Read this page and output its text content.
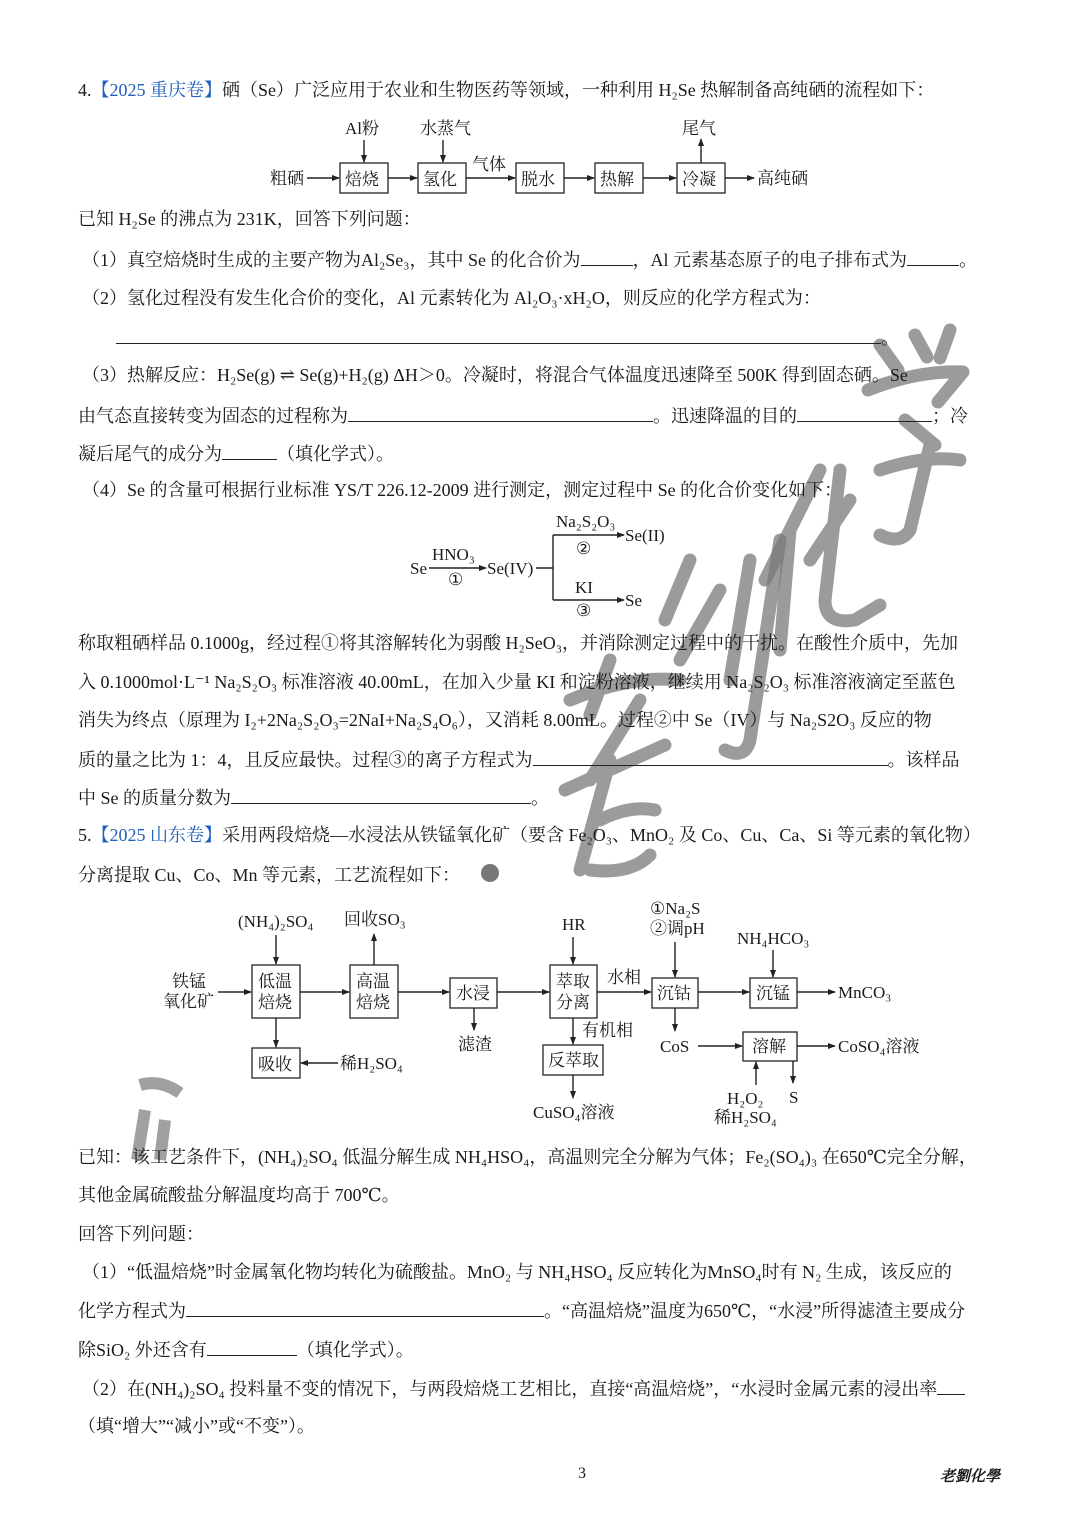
4.【2025 重庆卷】硒（Se）广泛应用于农业和生物医药等领域，一种利用 H₂Se 热解制备高纯硒的流程如下：
已知 H₂Se 的沸点为 231K，回答下列问题：
（1）真空焙烧时生成的主要产物为Al₂Se₃，其中 Se 的化合价为	，Al 元素基态原子的电子排布式为	。
（2）氢化过程没有发生化合价的变化，Al 元素转化为 Al₂O₃·xH₂O，则反应的化学方程式为：
。
（3）热解反应：H₂Se(g) ⇌ Se(g)+H₂(g) ΔH＞0。冷凝时，将混合气体温度迅速降至 500K 得到固态硒。Se
由气态直接转变为固态的过程称为	。迅速降温的目的	；冷
凝后尾气的成分为	（填化学式）。
（4）Se 的含量可根据行业标准 YS/T 226.12-2009 进行测定，测定过程中 Se 的化合价变化如下：
称取粗硒样品 0.1000g，经过程①将其溶解转化为弱酸 H₂SeO₃，并消除测定过程中的干扰。在酸性介质中，先加
入 0.1000mol·L⁻¹ Na₂S₂O₃ 标准溶液 40.00mL，在加入少量 KI 和淀粉溶液，继续用 Na₂S₂O₃ 标准溶液滴定至蓝色
消失为终点（原理为 I₂+2Na₂S₂O₃=2NaI+Na₂S₄O₆），又消耗 8.00mL。过程②中 Se（IV）与 Na₂S2O₃ 反应的物
质的量之比为 1：4，且反应最快。过程③的离子方程式为	。该样品
中 Se 的质量分数为	。
5.【2025 山东卷】采用两段焙烧—水浸法从铁锰氧化矿（要含 Fe₂O₃、MnO₂ 及 Co、Cu、Ca、Si 等元素的氧化物）
分离提取 Cu、Co、Mn 等元素，工艺流程如下：
已知：该工艺条件下，(NH₄)₂SO₄ 低温分解生成 NH₄HSO₄，高温则完全分解为气体；Fe₂(SO₄)₃ 在650℃完全分解，
其他金属硫酸盐分解温度均高于 700℃。
回答下列问题：
（1）“低温焙烧”时金属氧化物均转化为硫酸盐。MnO₂ 与 NH₄HSO₄ 反应转化为MnSO₄时有 N₂ 生成，该反应的
化学方程式为	。“高温焙烧”温度为650℃，“水浸”所得滤渣主要成分
除SiO₂ 外还含有	（填化学式）。
（2）在(NH₄)₂SO₄ 投料量不变的情况下，与两段焙烧工艺相比，直接“高温焙烧”，“水浸时金属元素的浸出率
（填“增大”“减小”或“不变”）。
3	老劉化學
粗硒 焙烧
Al粉
氢化
水蒸气
气体
脱水	热解	冷凝
尾气
高纯硒
Se
HNO₃
①
Se(IV)
Na₂S₂O₃
②
Se(II)
KI
③
Se
铁锰
氧化矿
(NH₄)₂SO₄
低温
焙烧
吸收	稀H₂SO₄
高温
焙烧
回收SO₃
水浸
滤渣
HR
萃取
分离
水相
有机相
反萃取
CuSO₄溶液
①Na₂S
②调pH
沉钴
CoS
NH₄HCO₃
沉锰	MnCO₃
溶解	CoSO₄溶液
H₂O₂
稀H₂SO₄
S
